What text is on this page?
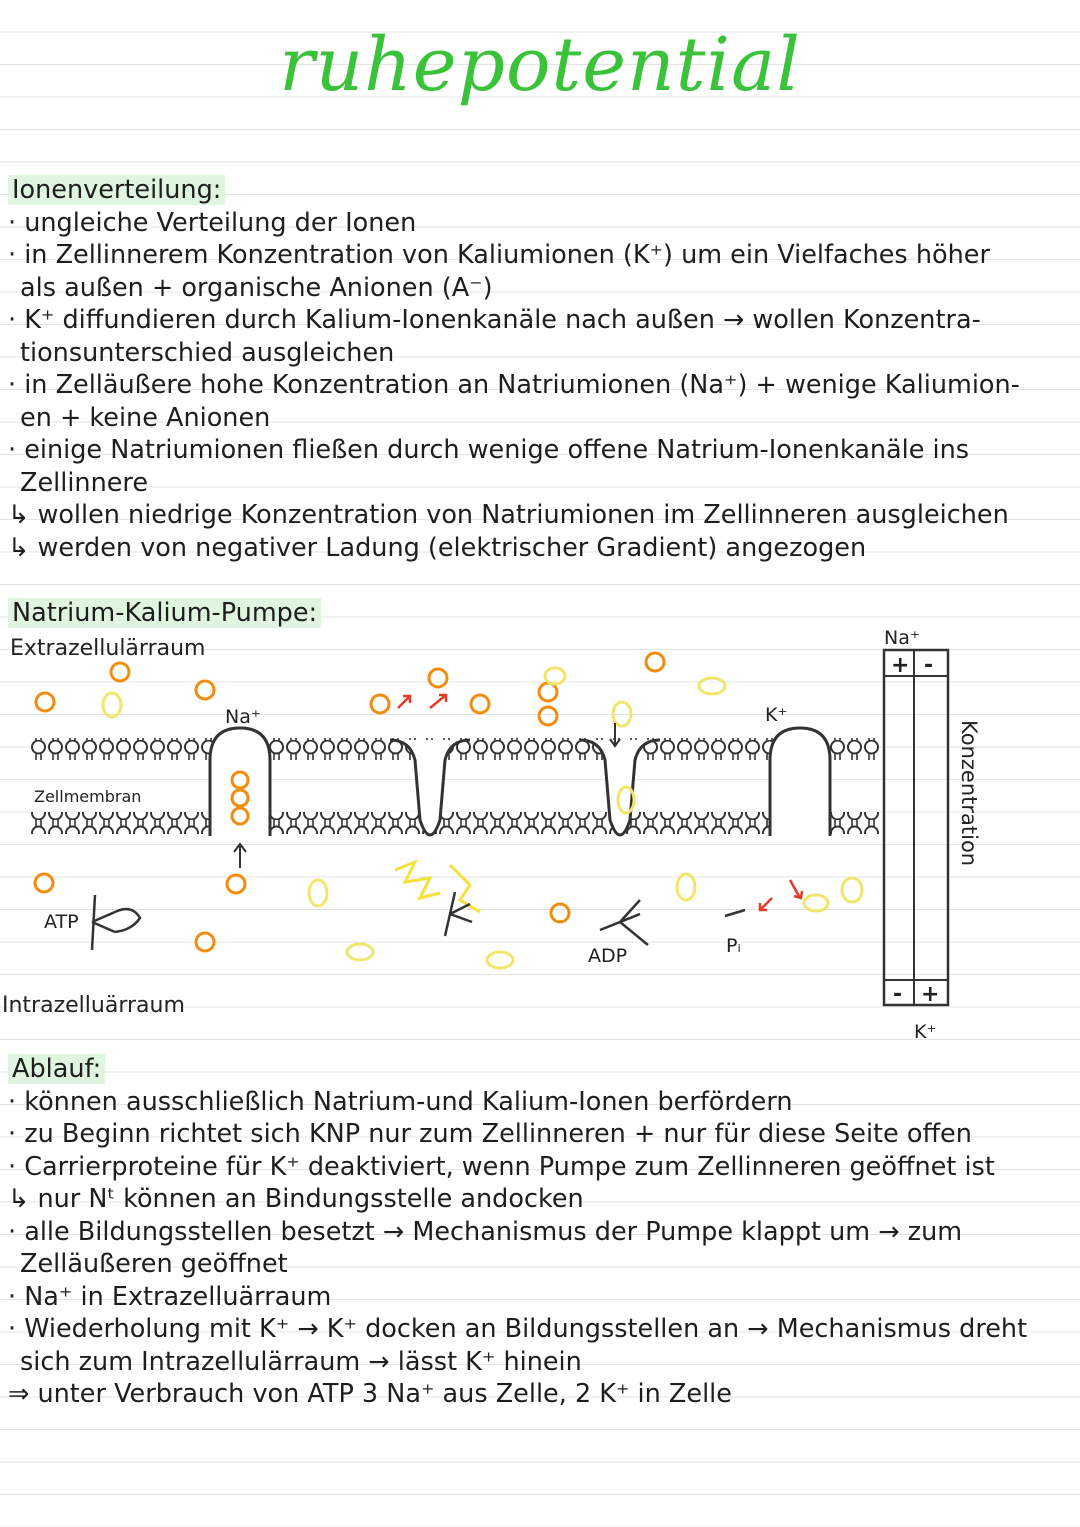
ruhepotential
Ionenverteilung:
· ungleiche Verteilung der Ionen
· in Zellinnerem Konzentration von Kaliumionen (K⁺) um ein Vielfaches höher
als außen + organische Anionen (A⁻)
· K⁺ diffundieren durch Kalium-Ionenkanäle nach außen → wollen Konzentra-
tionsunterschied ausgleichen
· in Zelläußere hohe Konzentration an Natriumionen (Na⁺) + wenige Kaliumion-
en + keine Anionen
· einige Natriumionen fließen durch wenige offene Natrium-Ionenkanäle ins
Zellinnere
↳ wollen niedrige Konzentration von Natriumionen im Zellinneren ausgleichen
↳ werden von negativer Ladung (elektrischer Gradient) angezogen
Natrium-Kalium-Pumpe:
Extrazellulärraum
Intrazelluärraum
Zellmembran
Na⁺	K⁺
ATP
ADP	Pᵢ
Na⁺
+ -
- +
K⁺
Konzentration
Ablauf:
· können ausschließlich Natrium-und Kalium-Ionen berfördern
· zu Beginn richtet sich KNP nur zum Zellinneren + nur für diese Seite offen
· Carrierproteine für K⁺ deaktiviert, wenn Pumpe zum Zellinneren geöffnet ist
↳ nur Nᵗ können an Bindungsstelle andocken
· alle Bildungsstellen besetzt → Mechanismus der Pumpe klappt um → zum
Zelläußeren geöffnet
· Na⁺ in Extrazelluärraum
· Wiederholung mit K⁺ → K⁺ docken an Bildungsstellen an → Mechanismus dreht
sich zum Intrazellulärraum → lässt K⁺ hinein
⇒ unter Verbrauch von ATP 3 Na⁺ aus Zelle, 2 K⁺ in Zelle
